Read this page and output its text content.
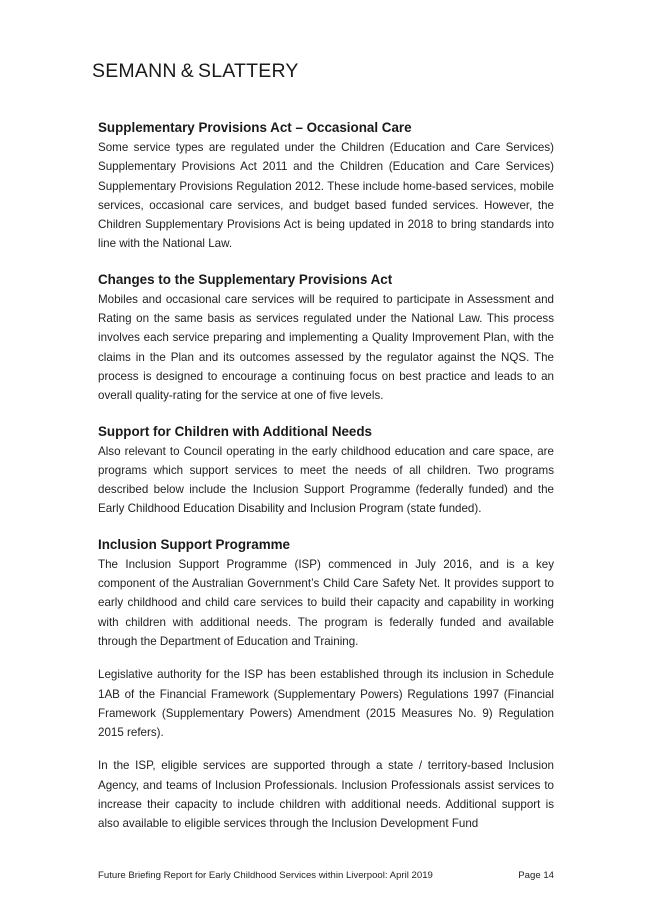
SEMANN & SLATTERY
Supplementary Provisions Act – Occasional Care

Some service types are regulated under the Children (Education and Care Services) Supplementary Provisions Act 2011 and the Children (Education and Care Services) Supplementary Provisions Regulation 2012. These include home-based services, mobile services, occasional care services, and budget based funded services. However, the Children Supplementary Provisions Act is being updated in 2018 to bring standards into line with the National Law.

Changes to the Supplementary Provisions Act

Mobiles and occasional care services will be required to participate in Assessment and Rating on the same basis as services regulated under the National Law. This process involves each service preparing and implementing a Quality Improvement Plan, with the claims in the Plan and its outcomes assessed by the regulator against the NQS. The process is designed to encourage a continuing focus on best practice and leads to an overall quality-rating for the service at one of five levels.

Support for Children with Additional Needs

Also relevant to Council operating in the early childhood education and care space, are programs which support services to meet the needs of all children. Two programs described below include the Inclusion Support Programme (federally funded) and the Early Childhood Education Disability and Inclusion Program (state funded).

Inclusion Support Programme

The Inclusion Support Programme (ISP) commenced in July 2016, and is a key component of the Australian Government’s Child Care Safety Net. It provides support to early childhood and child care services to build their capacity and capability in working with children with additional needs. The program is federally funded and available through the Department of Education and Training.

Legislative authority for the ISP has been established through its inclusion in Schedule 1AB of the Financial Framework (Supplementary Powers) Regulations 1997 (Financial Framework (Supplementary Powers) Amendment (2015 Measures No. 9) Regulation 2015 refers).

In the ISP, eligible services are supported through a state / territory-based Inclusion Agency, and teams of Inclusion Professionals. Inclusion Professionals assist services to increase their capacity to include children with additional needs. Additional support is also available to eligible services through the Inclusion Development Fund

Future Briefing Report for Early Childhood Services within Liverpool: April 2019	Page 14
